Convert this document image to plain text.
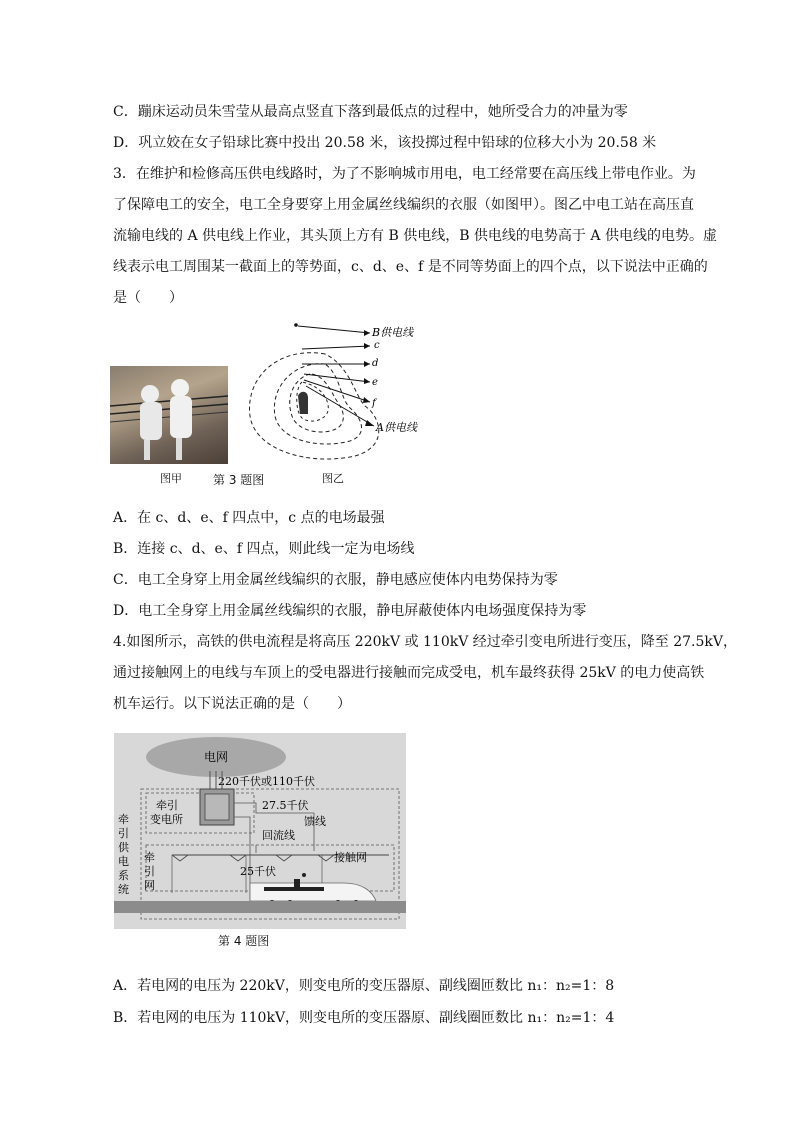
C．蹦床运动员朱雪莹从最高点竖直下落到最低点的过程中，她所受合力的冲量为零
D．巩立姣在女子铅球比赛中投出 20.58 米，该投掷过程中铅球的位移大小为 20.58 米
3．在维护和检修高压供电线路时，为了不影响城市用电，电工经常要在高压线上带电作业。为
了保障电工的安全，电工全身要穿上用金属丝线编织的衣服（如图甲）。图乙中电工站在高压直
流输电线的 A 供电线上作业，其头顶上方有 B 供电线，B 供电线的电势高于 A 供电线的电势。虚
线表示电工周围某一截面上的等势面，c、d、e、f 是不同等势面上的四个点，以下说法中正确的
是（　　）
B供电线
c
d
e
f
A供电线
图甲	第 3 题图	图乙
A．在 c、d、e、f 四点中，c 点的电场最强
B．连接 c、d、e、f 四点，则此线一定为电场线
C．电工全身穿上用金属丝线编织的衣服，静电感应使体内电势保持为零
D．电工全身穿上用金属丝线编织的衣服，静电屏蔽使体内电场强度保持为零
4.如图所示，高铁的供电流程是将高压 220kV 或 110kV 经过牵引变电所进行变压，降至 27.5kV，
通过接触网上的电线与车顶上的受电器进行接触而完成受电，机车最终获得 25kV 的电力使高铁
机车运行。以下说法正确的是（　　）
电网
220千伏或110千伏
牵引
变电所
27.5千伏
馈线
回流线
接触网
25千伏
牵
引
网
牵
引
供
电
系
统
第 4 题图
A．若电网的电压为 220kV，则变电所的变压器原、副线圈匝数比 n₁：n₂=1：8
B．若电网的电压为 110kV，则变电所的变压器原、副线圈匝数比 n₁：n₂=1：4
